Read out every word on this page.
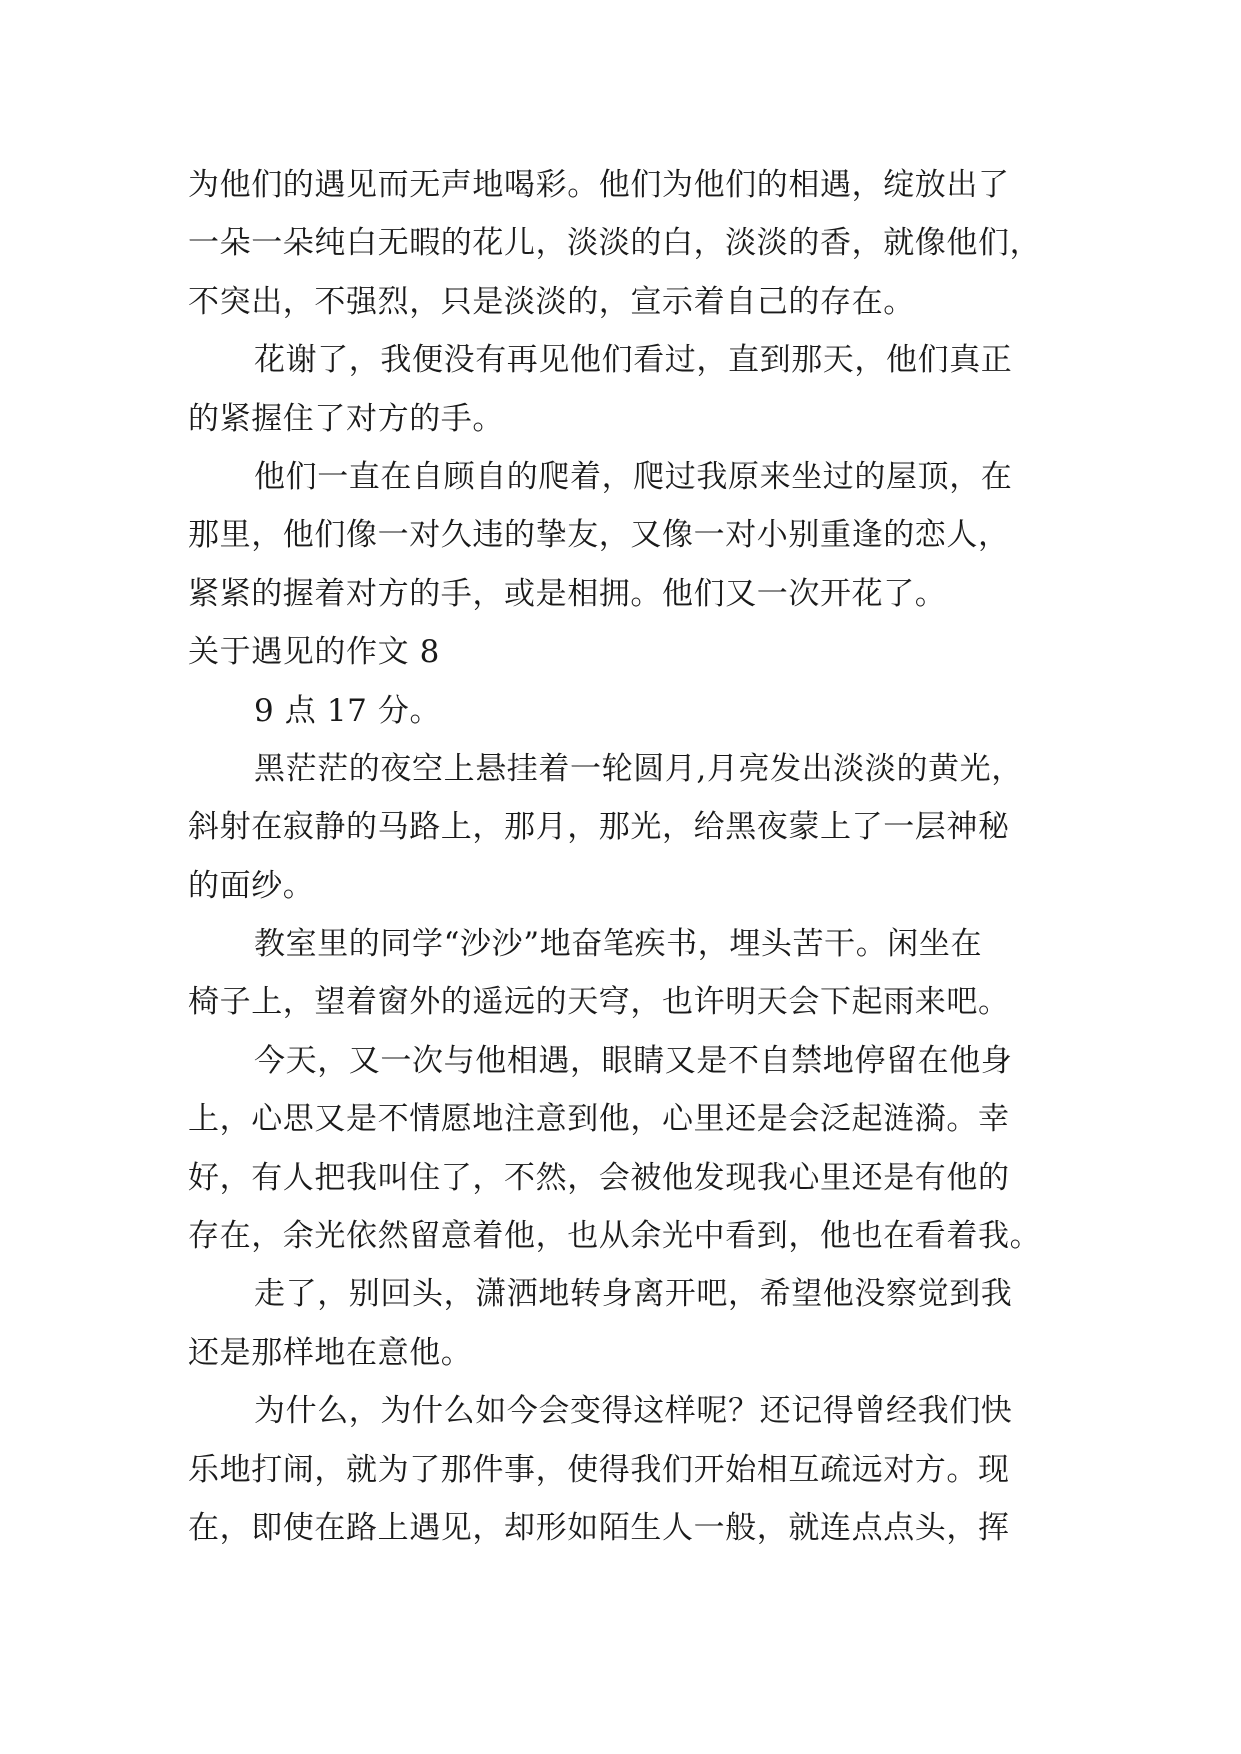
为他们的遇见而无声地喝彩。他们为他们的相遇，绽放出了
一朵一朵纯白无暇的花儿，淡淡的白，淡淡的香，就像他们，
不突出，不强烈，只是淡淡的，宣示着自己的存在。
花谢了，我便没有再见他们看过，直到那天，他们真正
的紧握住了对方的手。
他们一直在自顾自的爬着，爬过我原来坐过的屋顶，在
那里，他们像一对久违的挚友，又像一对小别重逢的恋人，
紧紧的握着对方的手，或是相拥。他们又一次开花了。
关于遇见的作文 8
9 点 17 分。
黑茫茫的夜空上悬挂着一轮圆月,月亮发出淡淡的黄光，
斜射在寂静的马路上，那月，那光，给黑夜蒙上了一层神秘
的面纱。
教室里的同学“沙沙”地奋笔疾书，埋头苦干。闲坐在
椅子上，望着窗外的遥远的天穹，也许明天会下起雨来吧。
今天，又一次与他相遇，眼睛又是不自禁地停留在他身
上，心思又是不情愿地注意到他，心里还是会泛起涟漪。幸
好，有人把我叫住了，不然，会被他发现我心里还是有他的
存在，余光依然留意着他，也从余光中看到，他也在看着我。
走了，别回头，潇洒地转身离开吧，希望他没察觉到我
还是那样地在意他。
为什么，为什么如今会变得这样呢？还记得曾经我们快
乐地打闹，就为了那件事，使得我们开始相互疏远对方。现
在，即使在路上遇见，却形如陌生人一般，就连点点头，挥
